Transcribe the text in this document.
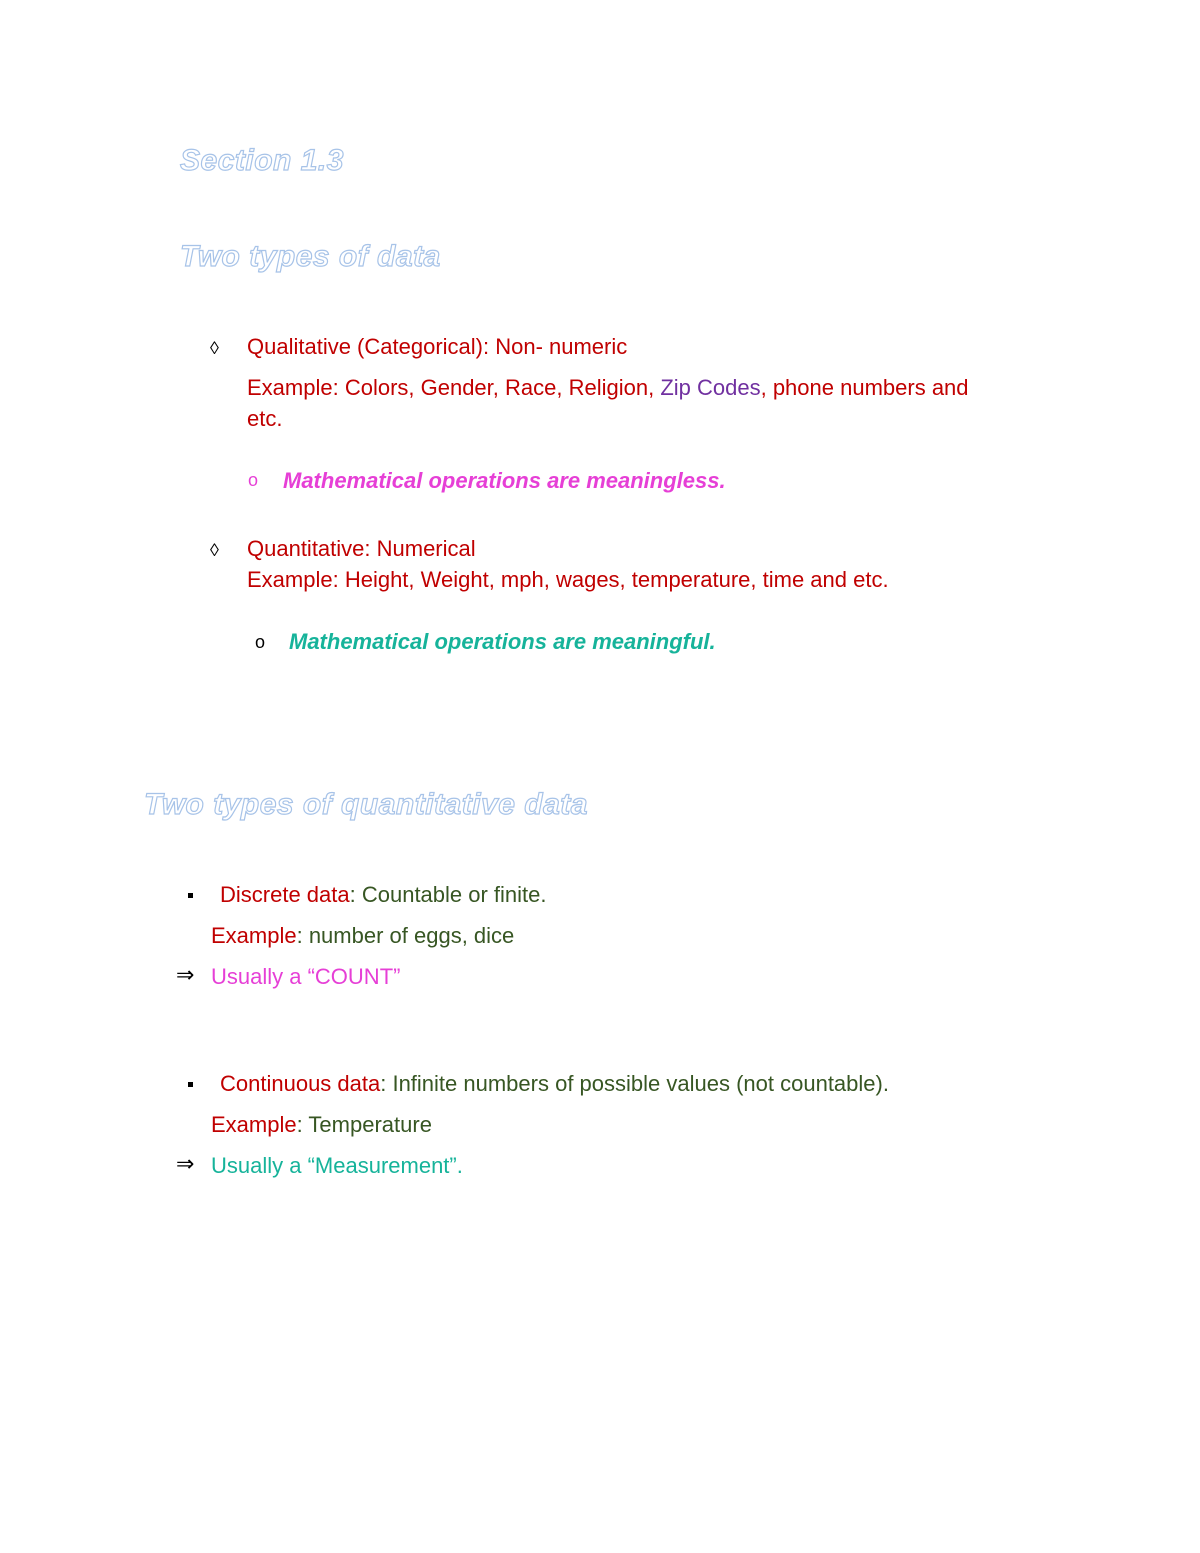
Section 1.3
Two types of data
◊ Qualitative (Categorical): Non- numeric
Example: Colors, Gender, Race, Religion, Zip Codes, phone numbers and
etc.
o Mathematical operations are meaningless.
◊ Quantitative: Numerical
Example: Height, Weight, mph, wages, temperature, time and etc.
o Mathematical operations are meaningful.
Two types of quantitative data
Discrete data: Countable or finite.
Example: number of eggs, dice
⇒ Usually a “COUNT”
Continuous data: Infinite numbers of possible values (not countable).
Example: Temperature
⇒ Usually a “Measurement”.
